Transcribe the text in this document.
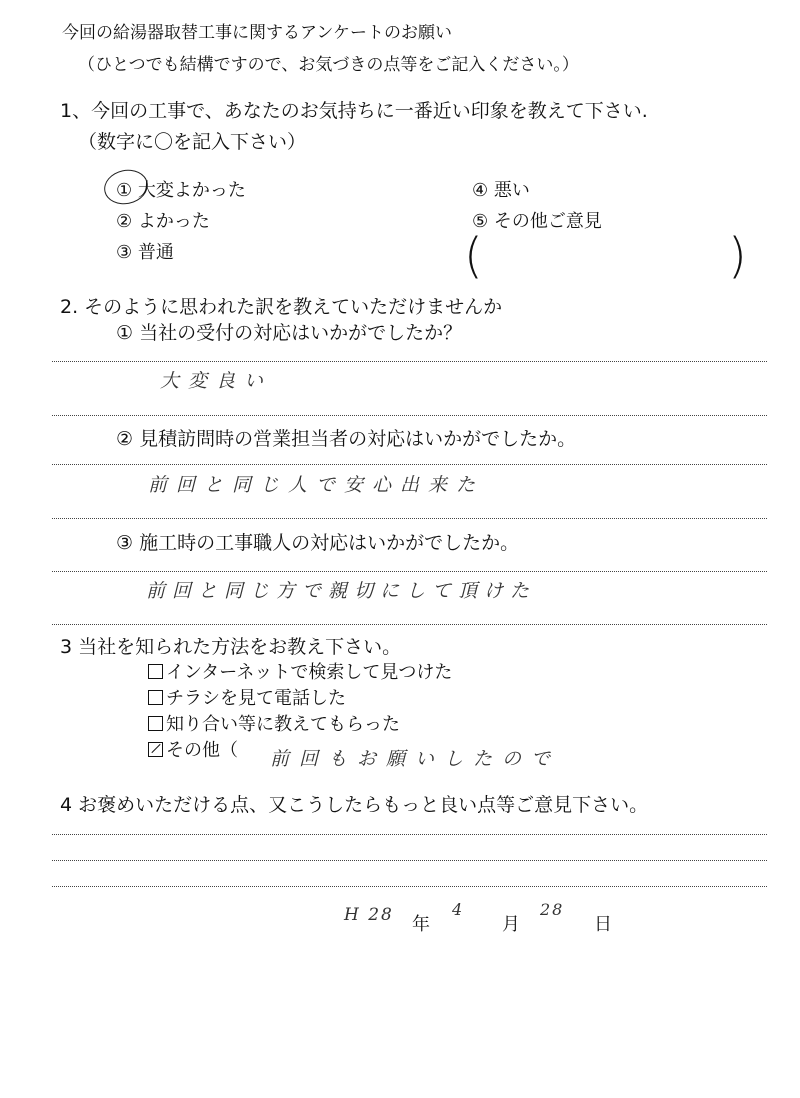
今回の給湯器取替工事に関するアンケートのお願い
（ひとつでも結構ですので、お気づきの点等をご記入ください。）
1、今回の工事で、あなたのお気持ちに一番近い印象を教えて下さい.
（数字に〇を記入下さい）
① 大変よかった
② よかった
③ 普通
④ 悪い
⑤ その他ご意見
(	)
2. そのように思われた訳を教えていただけませんか
① 当社の受付の対応はいかがでしたか？
大変良い
② 見積訪問時の営業担当者の対応はいかがでしたか。
前回と同じ人で安心出来た
③ 施工時の工事職人の対応はいかがでしたか。
前回と同じ方で親切にして頂けた
3 当社を知られた方法をお教え下さい。
インターネットで検索して見つけた
チラシを見て電話した
知り合い等に教えてもらった
その他（ 前回もお願いしたので
4 お褒めいただける点、又こうしたらもっと良い点等ご意見下さい。
H 28 年
4
月
28
日
